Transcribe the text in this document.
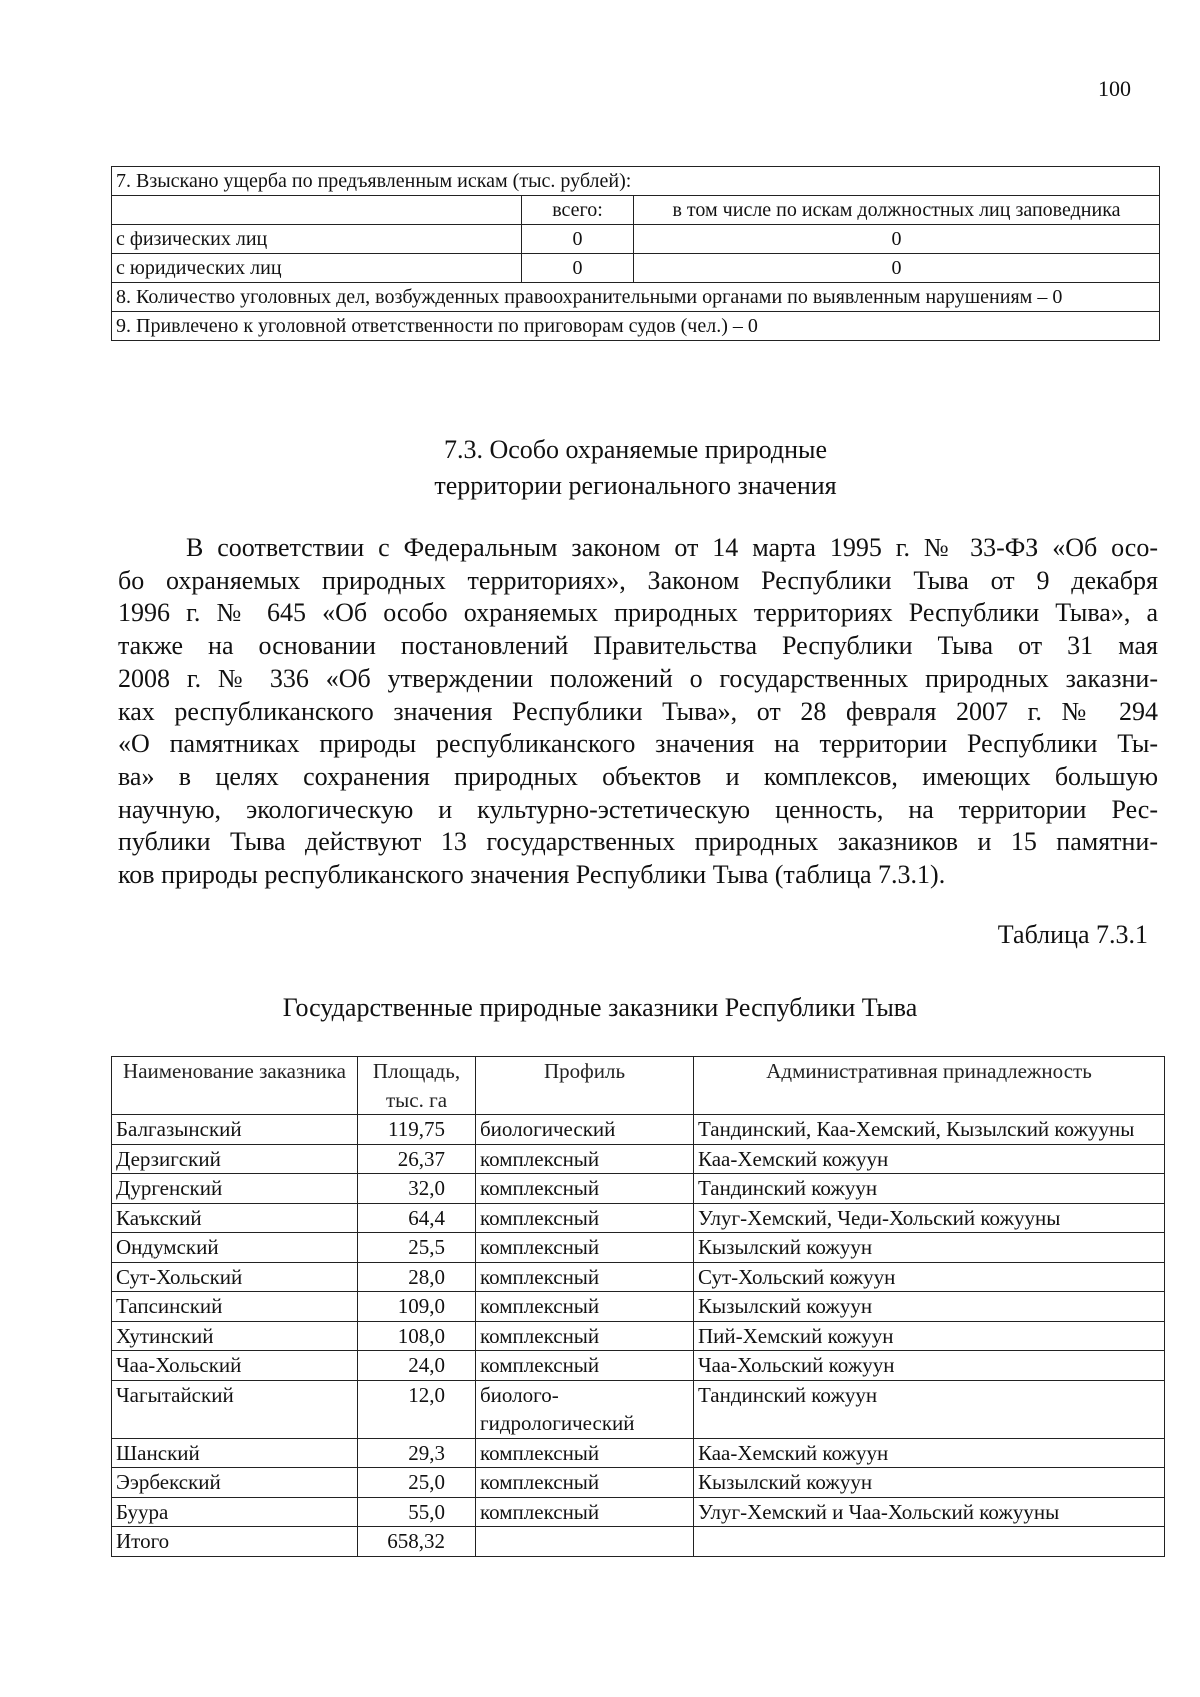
100
7. Взыскано ущерба по предъявленным искам (тыс. рублей):		
	всего:	в том числе по искам должностных лиц заповедника
с физических лиц	0	0
с юридических лиц	0	0
8. Количество уголовных дел, возбужденных правоохранительными органами по выявленным нарушениям – 0		
9. Привлечено к уголовной ответственности по приговорам судов (чел.) – 0		
7.3. Особо охраняемые природные
территории регионального значения
В соответствии с Федеральным законом от 14 марта 1995 г. № 33-ФЗ «Об осо-
бо охраняемых природных территориях», Законом Республики Тыва от 9 декабря
1996 г. № 645 «Об особо охраняемых природных территориях Республики Тыва», а
также на основании постановлений Правительства Республики Тыва от 31 мая
2008 г. № 336 «Об утверждении положений о государственных природных заказни-
ках республиканского значения Республики Тыва», от 28 февраля 2007 г. № 294
«О памятниках природы республиканского значения на территории Республики Ты-
ва» в целях сохранения природных объектов и комплексов, имеющих большую
научную, экологическую и культурно-эстетическую ценность, на территории Рес-
публики Тыва действуют 13 государственных природных заказников и 15 памятни-
ков природы республиканского значения Республики Тыва (таблица 7.3.1).
Таблица 7.3.1
Государственные природные заказники Республики Тыва
Наименование заказника	Площадь, тыс. га	Профиль	Административная принадлежность
Балгазынский	119,75	биологический	Тандинский, Каа-Хемский, Кызылский кожууны
Дерзигский	26,37	комплексный	Каа-Хемский кожуун
Дургенский	32,0	комплексный	Тандинский кожуун
Каъкский	64,4	комплексный	Улуг-Хемский, Чеди-Хольский кожууны
Ондумский	25,5	комплексный	Кызылский кожуун
Сут-Хольский	28,0	комплексный	Сут-Хольский кожуун
Тапсинский	109,0	комплексный	Кызылский кожуун
Хутинский	108,0	комплексный	Пий-Хемский кожуун
Чаа-Хольский	24,0	комплексный	Чаа-Хольский кожуун
Чагытайский	12,0	биолого-гидрологический	Тандинский кожуун
Шанский	29,3	комплексный	Каа-Хемский кожуун
Ээрбекский	25,0	комплексный	Кызылский кожуун
Буура	55,0	комплексный	Улуг-Хемский и Чаа-Хольский кожууны
Итого	658,32		
